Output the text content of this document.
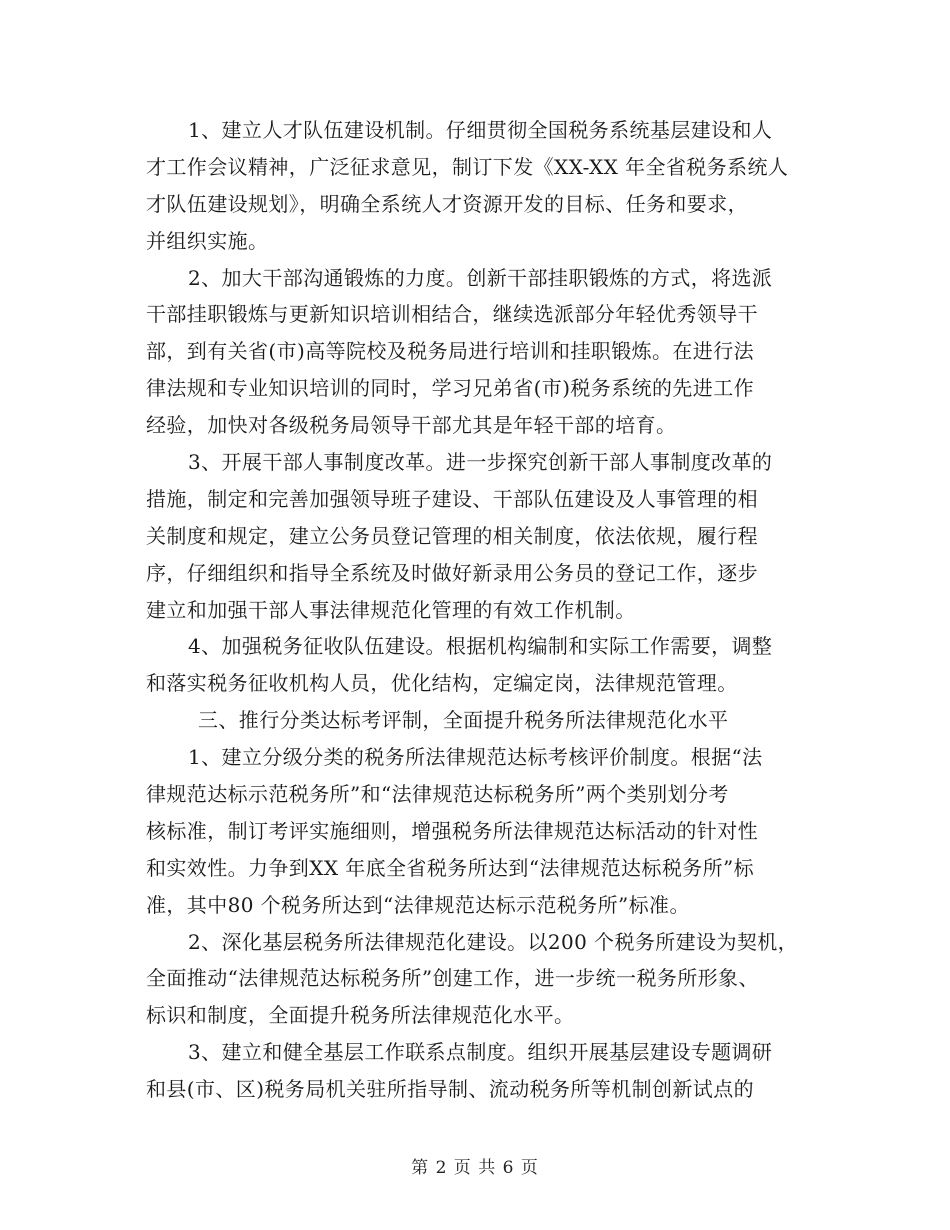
1、建立人才队伍建设机制。仔细贯彻全国税务系统基层建设和人
才工作会议精神，广泛征求意见，制订下发《XX-XX 年全省税务系统人
才队伍建设规划》，明确全系统人才资源开发的目标、任务和要求，
并组织实施。
2、加大干部沟通锻炼的力度。创新干部挂职锻炼的方式，将选派
干部挂职锻炼与更新知识培训相结合，继续选派部分年轻优秀领导干
部，到有关省(市)高等院校及税务局进行培训和挂职锻炼。在进行法
律法规和专业知识培训的同时，学习兄弟省(市)税务系统的先进工作
经验，加快对各级税务局领导干部尤其是年轻干部的培育。
3、开展干部人事制度改革。进一步探究创新干部人事制度改革的
措施，制定和完善加强领导班子建设、干部队伍建设及人事管理的相
关制度和规定，建立公务员登记管理的相关制度，依法依规，履行程
序，仔细组织和指导全系统及时做好新录用公务员的登记工作，逐步
建立和加强干部人事法律规范化管理的有效工作机制。
4、加强税务征收队伍建设。根据机构编制和实际工作需要，调整
和落实税务征收机构人员，优化结构，定编定岗，法律规范管理。
三、推行分类达标考评制，全面提升税务所法律规范化水平
1、建立分级分类的税务所法律规范达标考核评价制度。根据“法
律规范达标示范税务所”和“法律规范达标税务所”两个类别划分考
核标准，制订考评实施细则，增强税务所法律规范达标活动的针对性
和实效性。力争到XX 年底全省税务所达到“法律规范达标税务所”标
准，其中80 个税务所达到“法律规范达标示范税务所”标准。
2、深化基层税务所法律规范化建设。以200 个税务所建设为契机，
全面推动“法律规范达标税务所”创建工作，进一步统一税务所形象、
标识和制度，全面提升税务所法律规范化水平。
3、建立和健全基层工作联系点制度。组织开展基层建设专题调研
和县(市、区)税务局机关驻所指导制、流动税务所等机制创新试点的
第 2 页 共 6 页
